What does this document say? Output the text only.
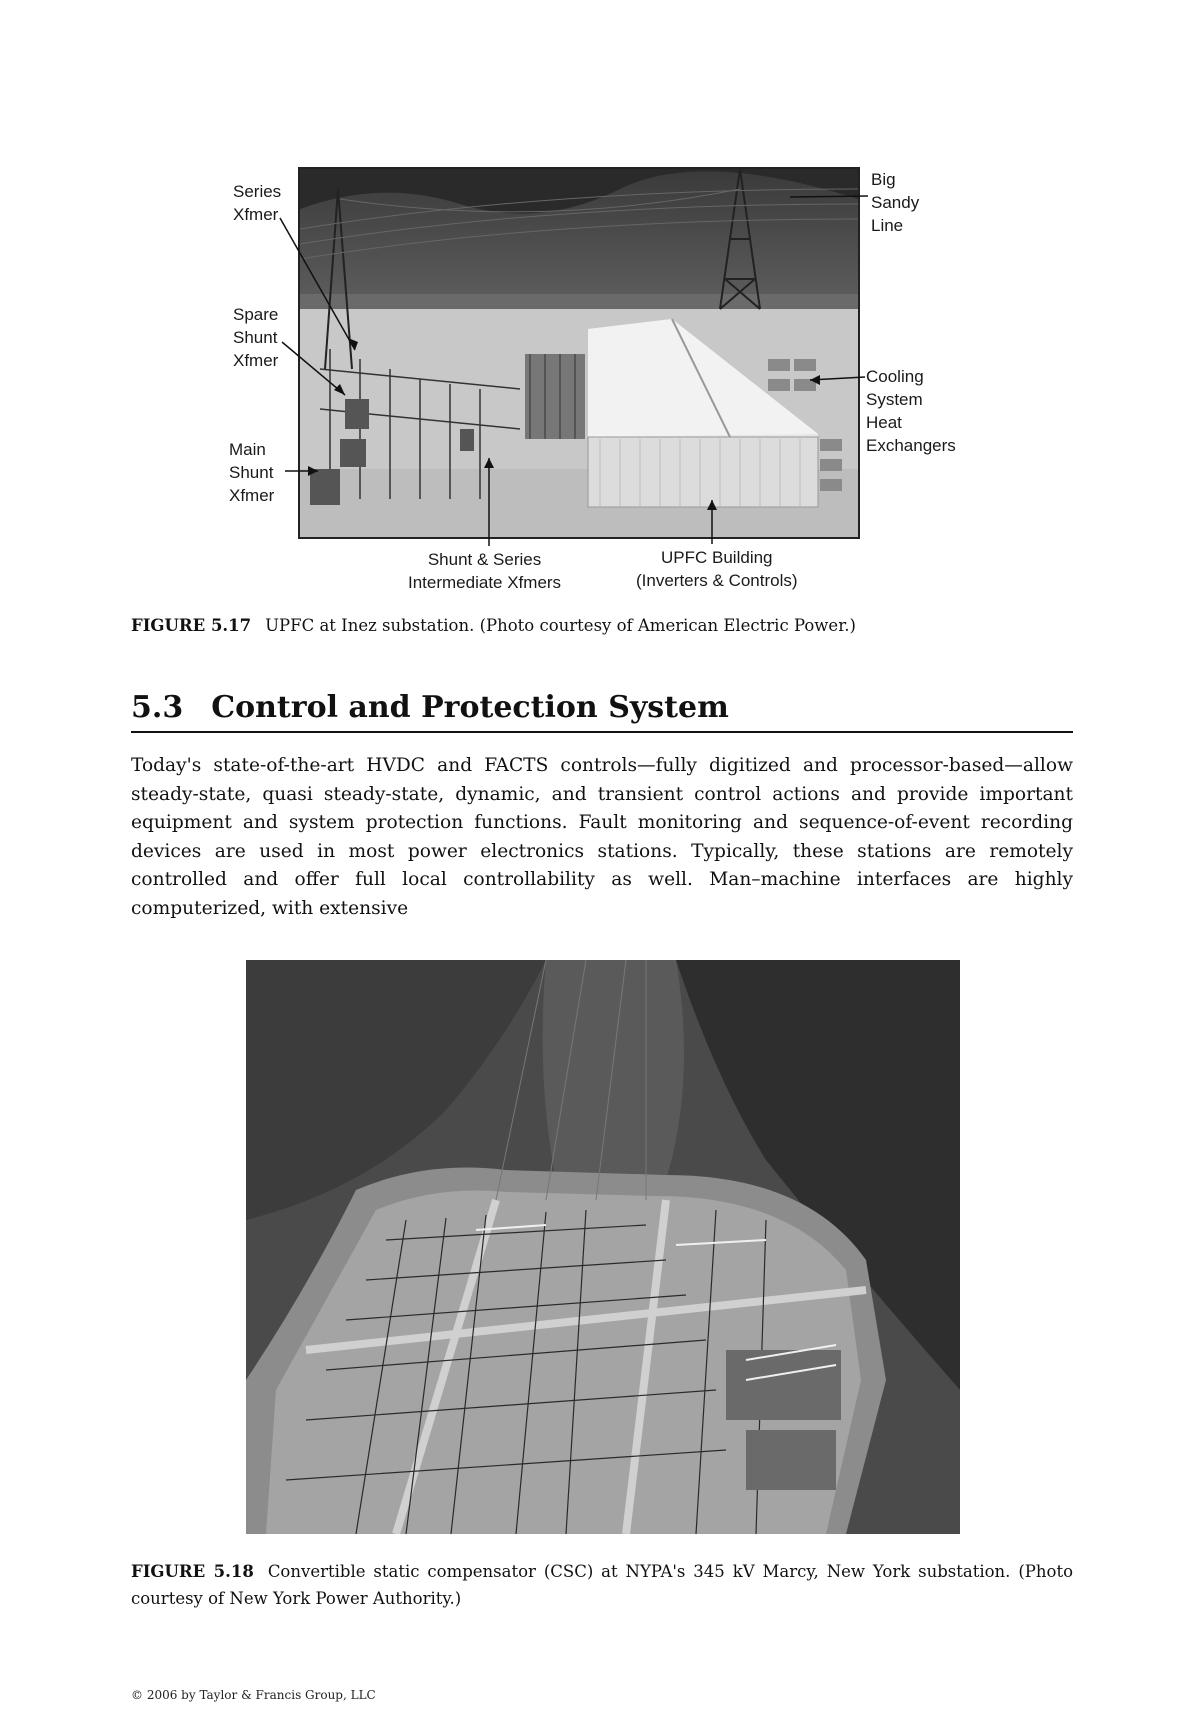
Series
Xfmer
Spare
Shunt
Xfmer
Main
Shunt
Xfmer
Big
Sandy
Line
Cooling
System
Heat
Exchangers
Shunt & Series
Intermediate Xfmers
UPFC Building
(Inverters & Controls)
FIGURE 5.17 UPFC at Inez substation. (Photo courtesy of American Electric Power.)
5.3 Control and Protection System
Today's state-of-the-art HVDC and FACTS controls—fully digitized and processor-based—allow steady-state, quasi steady-state, dynamic, and transient control actions and provide important equipment and system protection functions. Fault monitoring and sequence-of-event recording devices are used in most power electronics stations. Typically, these stations are remotely controlled and offer full local controllability as well. Man–machine interfaces are highly computerized, with extensive
FIGURE 5.18 Convertible static compensator (CSC) at NYPA's 345 kV Marcy, New York substation. (Photo courtesy of New York Power Authority.)
© 2006 by Taylor & Francis Group, LLC
